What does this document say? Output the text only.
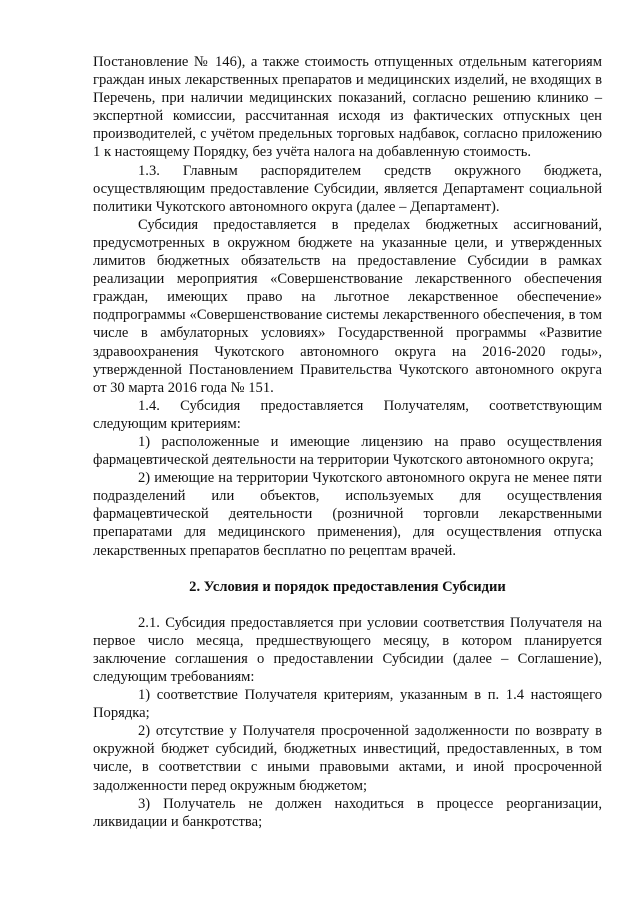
Постановление № 146), а также стоимость отпущенных отдельным категориям граждан иных лекарственных препаратов и медицинских изделий, не входящих в Перечень, при наличии медицинских показаний, согласно решению клинико – экспертной комиссии, рассчитанная исходя из фактических отпускных цен производителей, с учётом предельных торговых надбавок, согласно приложению 1 к настоящему Порядку, без учёта налога на добавленную стоимость.

1.3. Главным распорядителем средств окружного бюджета, осуществляющим предоставление Субсидии, является Департамент социальной политики Чукотского автономного округа (далее – Департамент).

Субсидия предоставляется в пределах бюджетных ассигнований, предусмотренных в окружном бюджете на указанные цели, и утвержденных лимитов бюджетных обязательств на предоставление Субсидии в рамках реализации мероприятия «Совершенствование лекарственного обеспечения граждан, имеющих право на льготное лекарственное обеспечение» подпрограммы «Совершенствование системы лекарственного обеспечения, в том числе в амбулаторных условиях» Государственной программы «Развитие здравоохранения Чукотского автономного округа на 2016-2020 годы», утвержденной Постановлением Правительства Чукотского автономного округа от 30 марта 2016 года № 151.

1.4. Субсидия предоставляется Получателям, соответствующим следующим критериям:

1) расположенные и имеющие лицензию на право осуществления фармацевтической деятельности на территории Чукотского автономного округа;

2) имеющие на территории Чукотского автономного округа не менее пяти подразделений или объектов, используемых для осуществления фармацевтической деятельности (розничной торговли лекарственными препаратами для медицинского применения), для осуществления отпуска лекарственных препаратов бесплатно по рецептам врачей.

2. Условия и порядок предоставления Субсидии

2.1. Субсидия предоставляется при условии соответствия Получателя на первое число месяца, предшествующего месяцу, в котором планируется заключение соглашения о предоставлении Субсидии (далее – Соглашение), следующим требованиям:

1) соответствие Получателя критериям, указанным в п. 1.4 настоящего Порядка;

2) отсутствие у Получателя просроченной задолженности по возврату в окружной бюджет субсидий, бюджетных инвестиций, предоставленных, в том числе, в соответствии с иными правовыми актами, и иной просроченной задолженности перед окружным бюджетом;

3) Получатель не должен находиться в процессе реорганизации, ликвидации и банкротства;
